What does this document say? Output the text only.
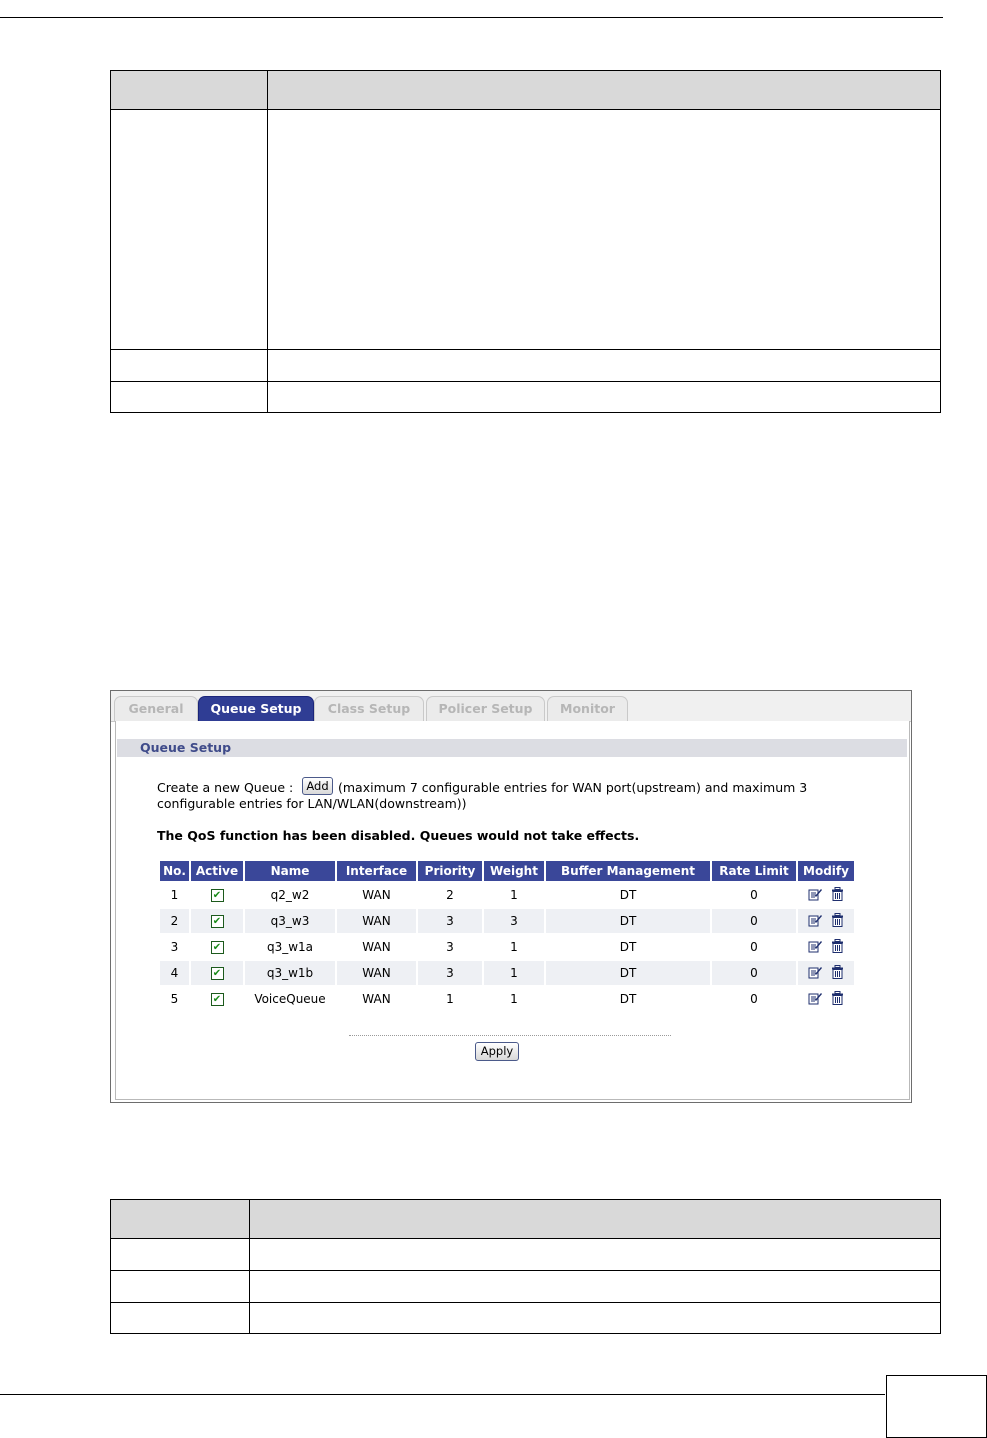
General	Queue Setup	Class Setup	Policer Setup	Monitor
Queue Setup
Create a new Queue :	Add (maximum 7 configurable entries for WAN port(upstream) and maximum 3
configurable entries for LAN/WLAN(downstream))
The QoS function has been disabled. Queues would not take effects.
No.	Active	Name	Interface	Priority	Weight	Buffer Management	Rate Limit	Modify
1	✔	q2_w2	WAN	2	1	DT	0	
2	✔	q3_w3	WAN	3	3	DT	0	
3	✔	q3_w1a	WAN	3	1	DT	0	
4	✔	q3_w1b	WAN	3	1	DT	0	
5	✔	VoiceQueue	WAN	1	1	DT	0	
Apply
